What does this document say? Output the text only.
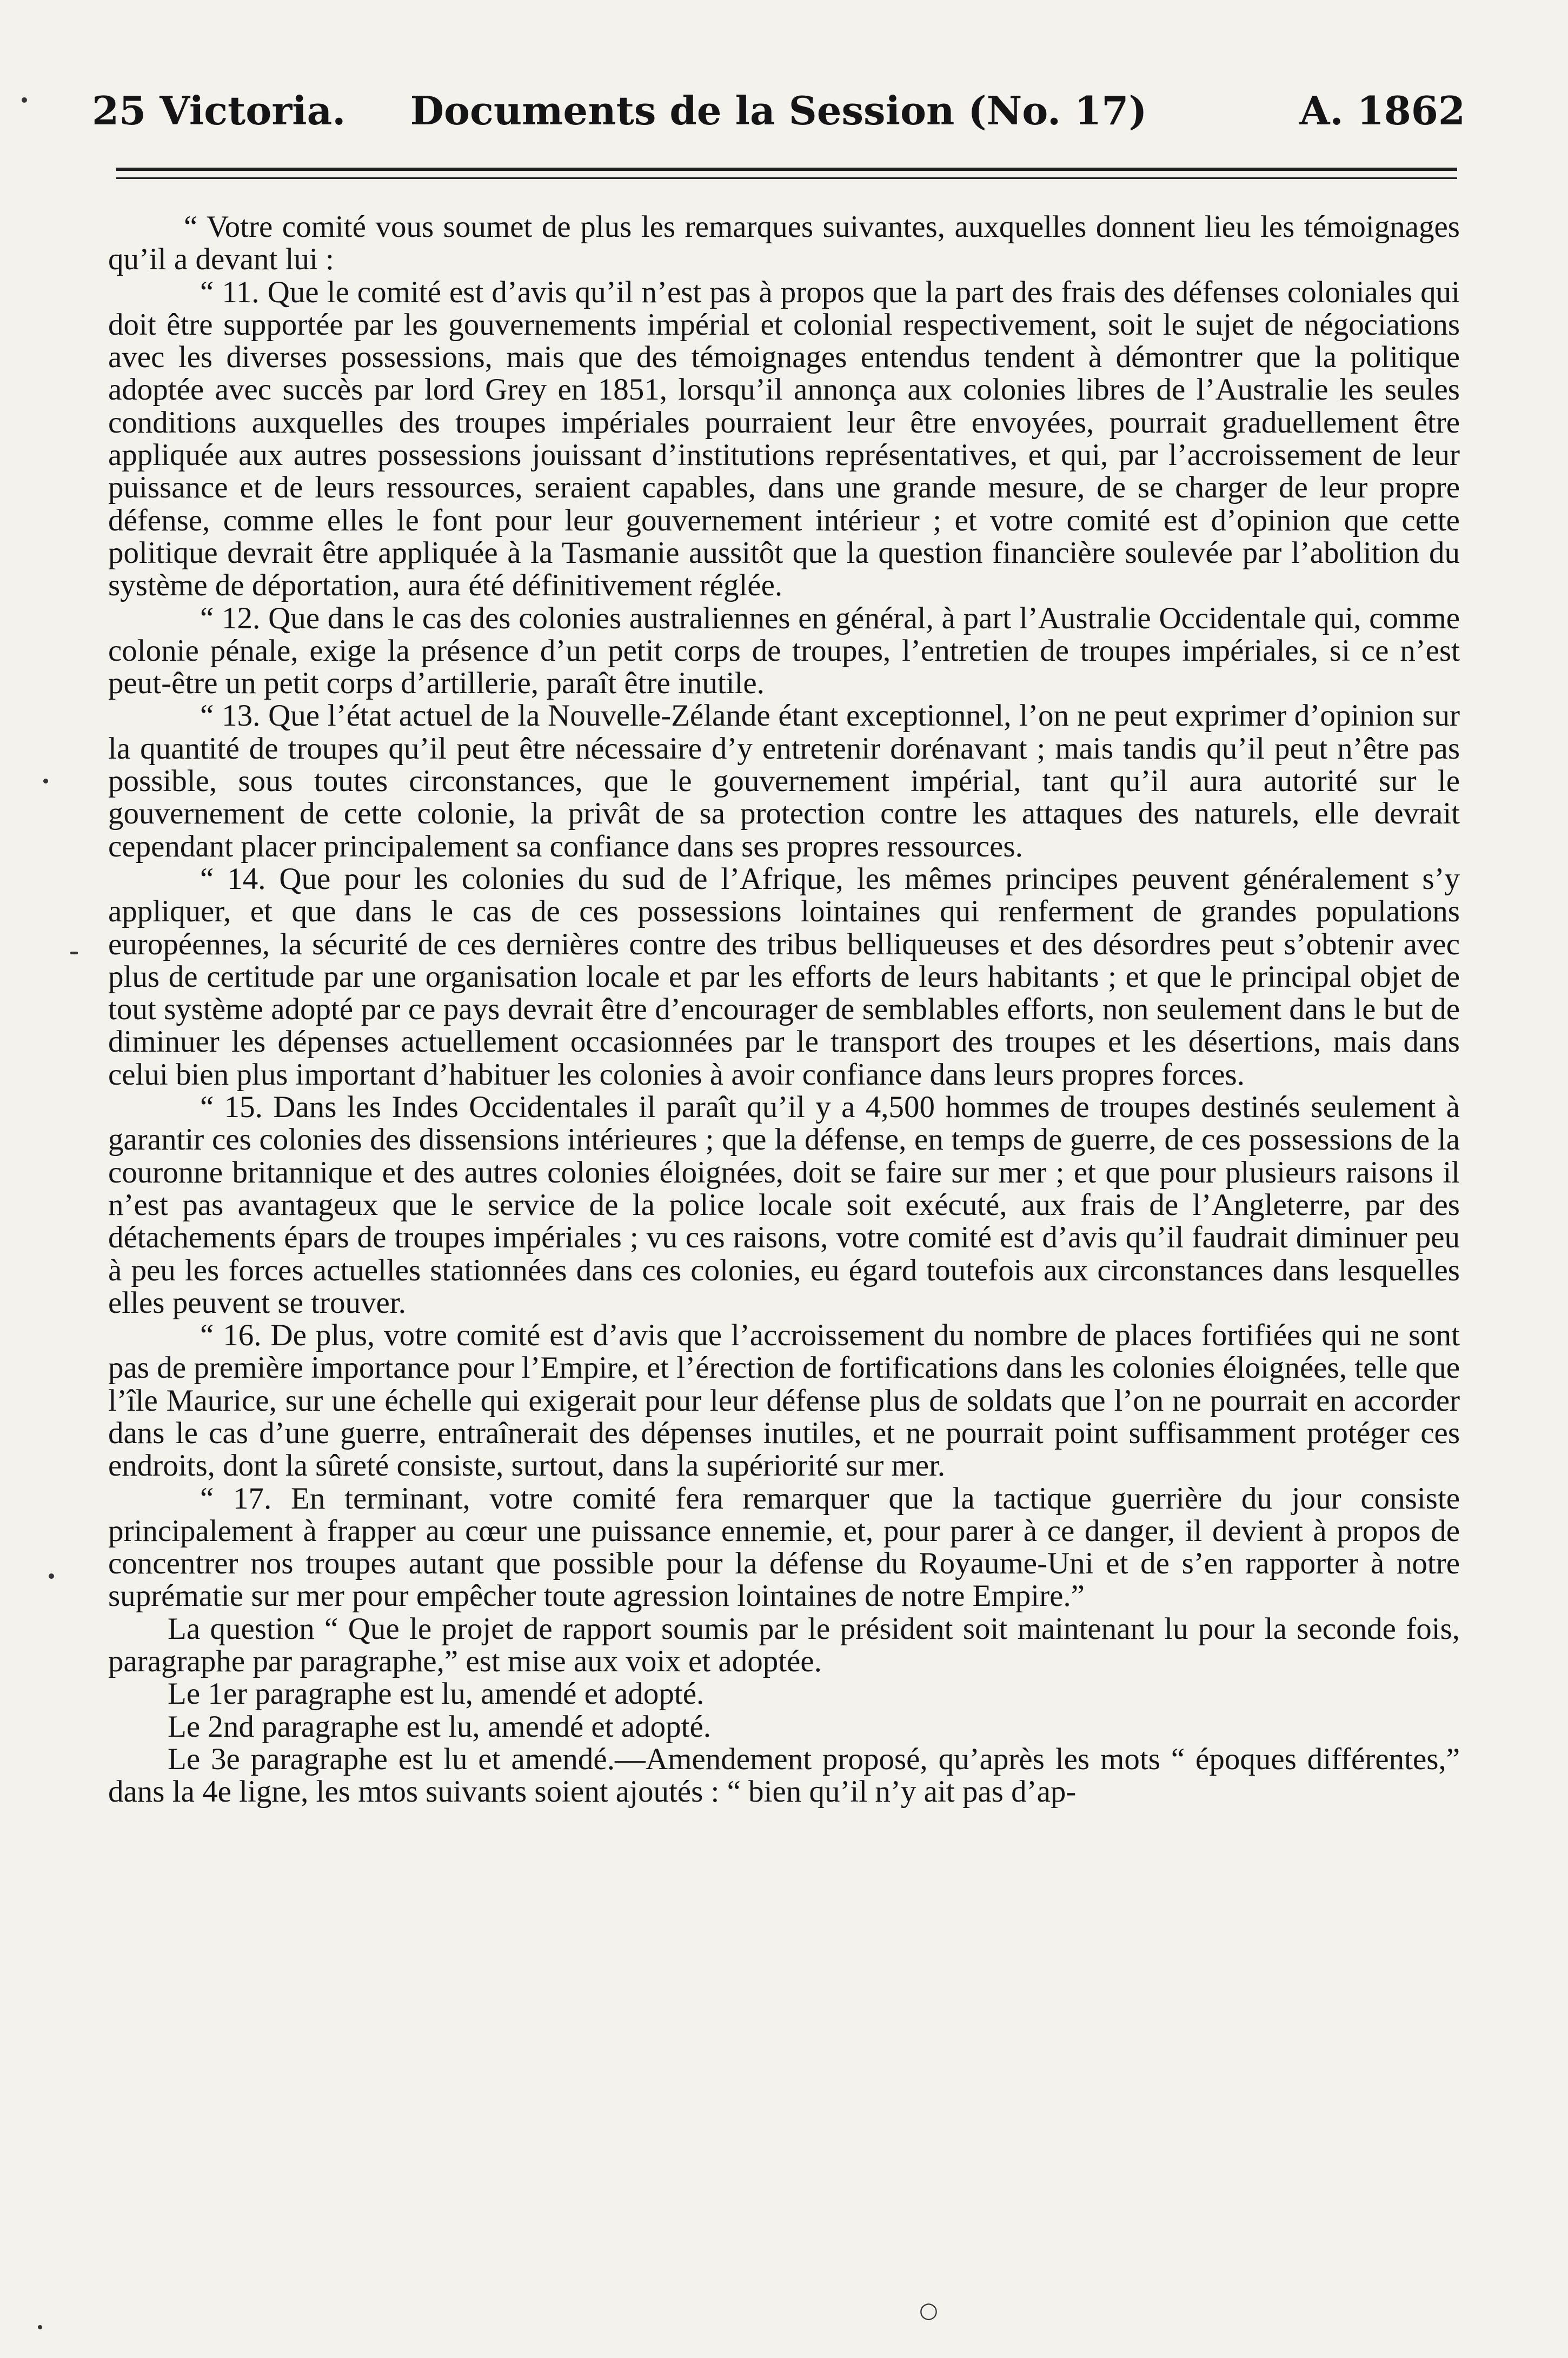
25 Victoria. Documents de la Session (No. 17)	A. 1862

“ Votre comité vous soumet de plus les remarques suivantes, auxquelles donnent lieu les témoignages qu’il a devant lui :

“ 11. Que le comité est d’avis qu’il n’est pas à propos que la part des frais des défenses coloniales qui doit être supportée par les gouvernements impérial et colonial respectivement, soit le sujet de négociations avec les diverses possessions, mais que des témoignages entendus tendent à démontrer que la politique adoptée avec succès par lord Grey en 1851, lorsqu’il annonça aux colonies libres de l’Australie les seules conditions auxquelles des troupes impériales pourraient leur être envoyées, pourrait graduellement être appliquée aux autres possessions jouissant d’institutions représentatives, et qui, par l’accroissement de leur puissance et de leurs ressources, seraient capables, dans une grande mesure, de se charger de leur propre défense, comme elles le font pour leur gouvernement intérieur ; et votre comité est d’opinion que cette politique devrait être appliquée à la Tasmanie aussitôt que la question financière soulevée par l’abolition du système de déportation, aura été définitivement réglée.

“ 12. Que dans le cas des colonies australiennes en général, à part l’Australie Occidentale qui, comme colonie pénale, exige la présence d’un petit corps de troupes, l’entretien de troupes impériales, si ce n’est peut-être un petit corps d’artillerie, paraît être inutile.

“ 13. Que l’état actuel de la Nouvelle-Zélande étant exceptionnel, l’on ne peut exprimer d’opinion sur la quantité de troupes qu’il peut être nécessaire d’y entretenir dorénavant ; mais tandis qu’il peut n’être pas possible, sous toutes circonstances, que le gouvernement impérial, tant qu’il aura autorité sur le gouvernement de cette colonie, la privât de sa protection contre les attaques des naturels, elle devrait cependant placer principalement sa confiance dans ses propres ressources.

“ 14. Que pour les colonies du sud de l’Afrique, les mêmes principes peuvent généralement s’y appliquer, et que dans le cas de ces possessions lointaines qui renferment de grandes populations européennes, la sécurité de ces dernières contre des tribus belliqueuses et des désordres peut s’obtenir avec plus de certitude par une organisation locale et par les efforts de leurs habitants ; et que le principal objet de tout système adopté par ce pays devrait être d’encourager de semblables efforts, non seulement dans le but de diminuer les dépenses actuellement occasionnées par le transport des troupes et les désertions, mais dans celui bien plus important d’habituer les colonies à avoir confiance dans leurs propres forces.

“ 15. Dans les Indes Occidentales il paraît qu’il y a 4,500 hommes de troupes destinés seulement à garantir ces colonies des dissensions intérieures ; que la défense, en temps de guerre, de ces possessions de la couronne britannique et des autres colonies éloignées, doit se faire sur mer ; et que pour plusieurs raisons il n’est pas avantageux que le service de la police locale soit exécuté, aux frais de l’Angleterre, par des détachements épars de troupes impériales ; vu ces raisons, votre comité est d’avis qu’il faudrait diminuer peu à peu les forces actuelles stationnées dans ces colonies, eu égard toutefois aux circonstances dans lesquelles elles peuvent se trouver.

“ 16. De plus, votre comité est d’avis que l’accroissement du nombre de places fortifiées qui ne sont pas de première importance pour l’Empire, et l’érection de fortifications dans les colonies éloignées, telle que l’île Maurice, sur une échelle qui exigerait pour leur défense plus de soldats que l’on ne pourrait en accorder dans le cas d’une guerre, entraînerait des dépenses inutiles, et ne pourrait point suffisamment protéger ces endroits, dont la sûreté consiste, surtout, dans la supériorité sur mer.

“ 17. En terminant, votre comité fera remarquer que la tactique guerrière du jour consiste principalement à frapper au cœur une puissance ennemie, et, pour parer à ce danger, il devient à propos de concentrer nos troupes autant que possible pour la défense du Royaume-Uni et de s’en rapporter à notre suprématie sur mer pour empêcher toute agression lointaines de notre Empire.”

La question “ Que le projet de rapport soumis par le président soit maintenant lu pour la seconde fois, paragraphe par paragraphe,” est mise aux voix et adoptée.

Le 1er paragraphe est lu, amendé et adopté.

Le 2nd paragraphe est lu, amendé et adopté.

Le 3e paragraphe est lu et amendé.—Amendement proposé, qu’après les mots “ époques différentes,” dans la 4e ligne, les mtos suivants soient ajoutés : “ bien qu’il n’y ait pas d’ap-

○
